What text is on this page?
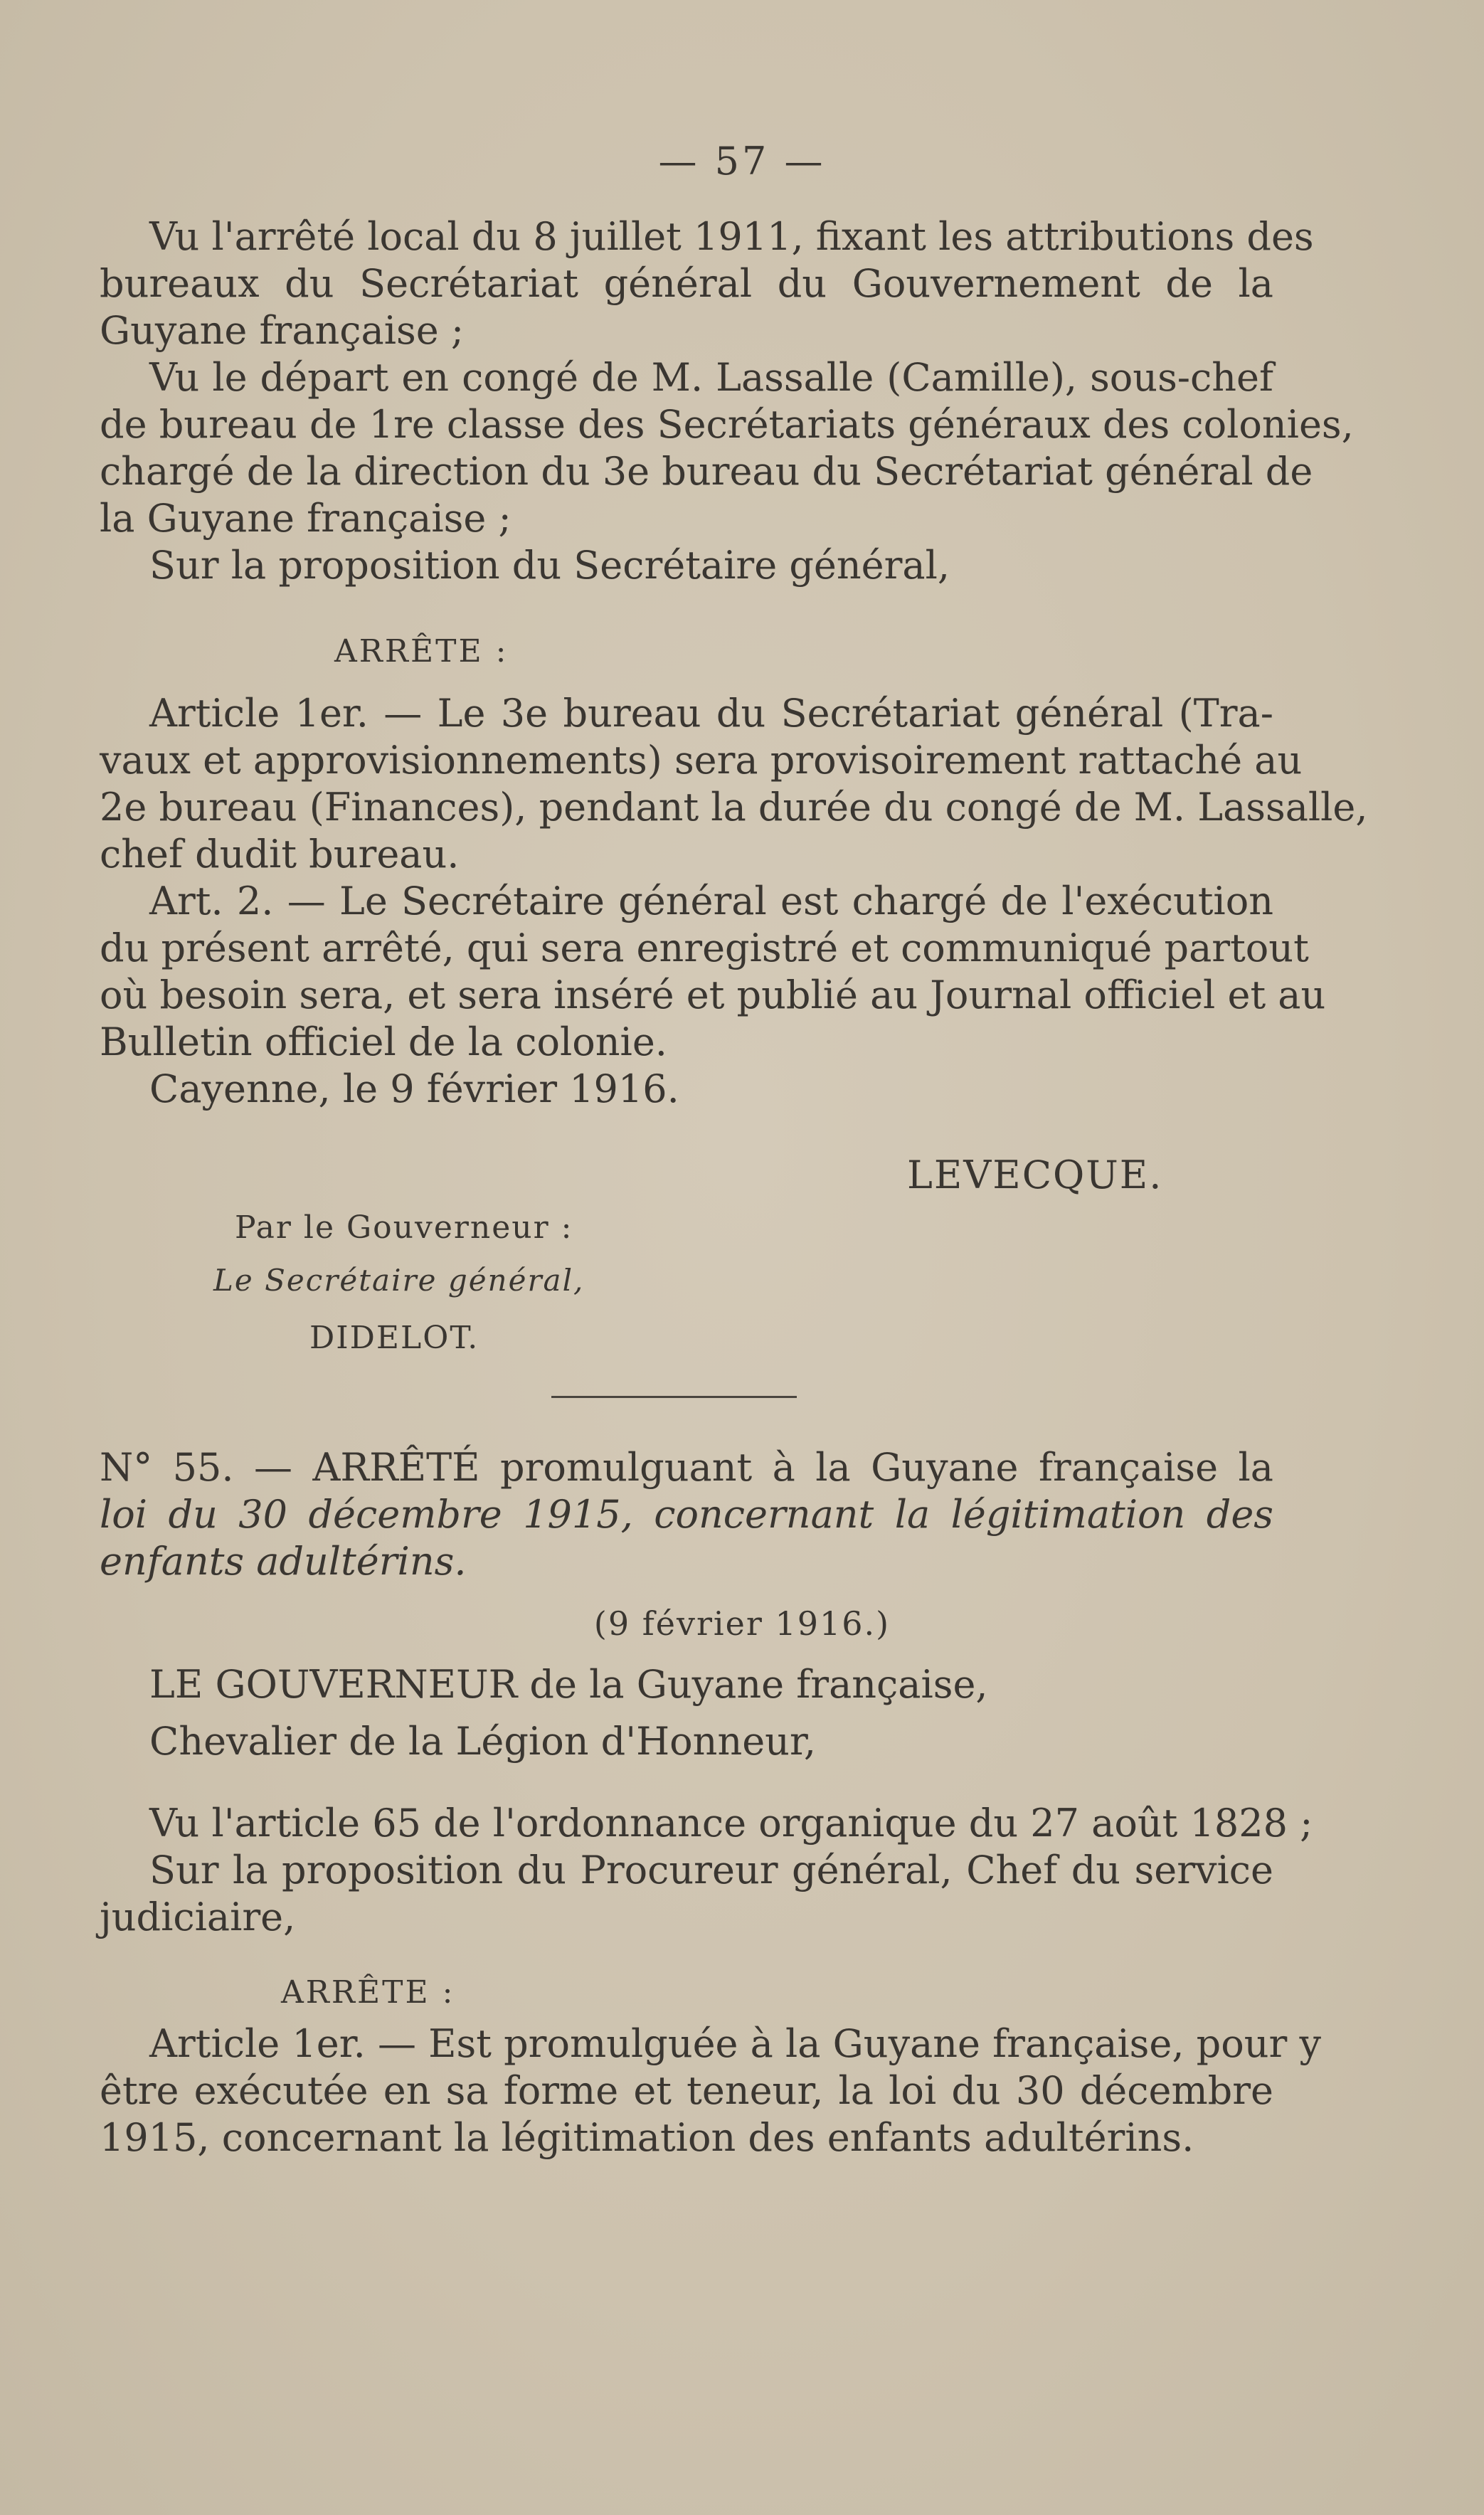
— 57 —
Vu l'arrêté local du 8 juillet 1911, fixant les attributions des
bureaux du Secrétariat général du Gouvernement de la
Guyane française ;
Vu le départ en congé de M. Lassalle (Camille), sous-chef
de bureau de 1re classe des Secrétariats généraux des colonies,
chargé de la direction du 3e bureau du Secrétariat général de
la Guyane française ;
Sur la proposition du Secrétaire général,
ARRÊTE :
Article 1er. — Le 3e bureau du Secrétariat général (Tra-
vaux et approvisionnements) sera provisoirement rattaché au
2e bureau (Finances), pendant la durée du congé de M. Lassalle,
chef dudit bureau.
Art. 2. — Le Secrétaire général est chargé de l'exécution
du présent arrêté, qui sera enregistré et communiqué partout
où besoin sera, et sera inséré et publié au Journal officiel et au
Bulletin officiel de la colonie.
Cayenne, le 9 février 1916.
LEVECQUE.
Par le Gouverneur :
Le Secrétaire général,
DIDELOT.
N° 55. — ARRÊTÉ promulguant à la Guyane française la
loi du 30 décembre 1915, concernant la légitimation des
enfants adultérins.
(9 février 1916.)
LE GOUVERNEUR de la Guyane française,
Chevalier de la Légion d'Honneur,
Vu l'article 65 de l'ordonnance organique du 27 août 1828 ;
Sur la proposition du Procureur général, Chef du service
judiciaire,
ARRÊTE :
Article 1er. — Est promulguée à la Guyane française, pour y
être exécutée en sa forme et teneur, la loi du 30 décembre
1915, concernant la légitimation des enfants adultérins.
